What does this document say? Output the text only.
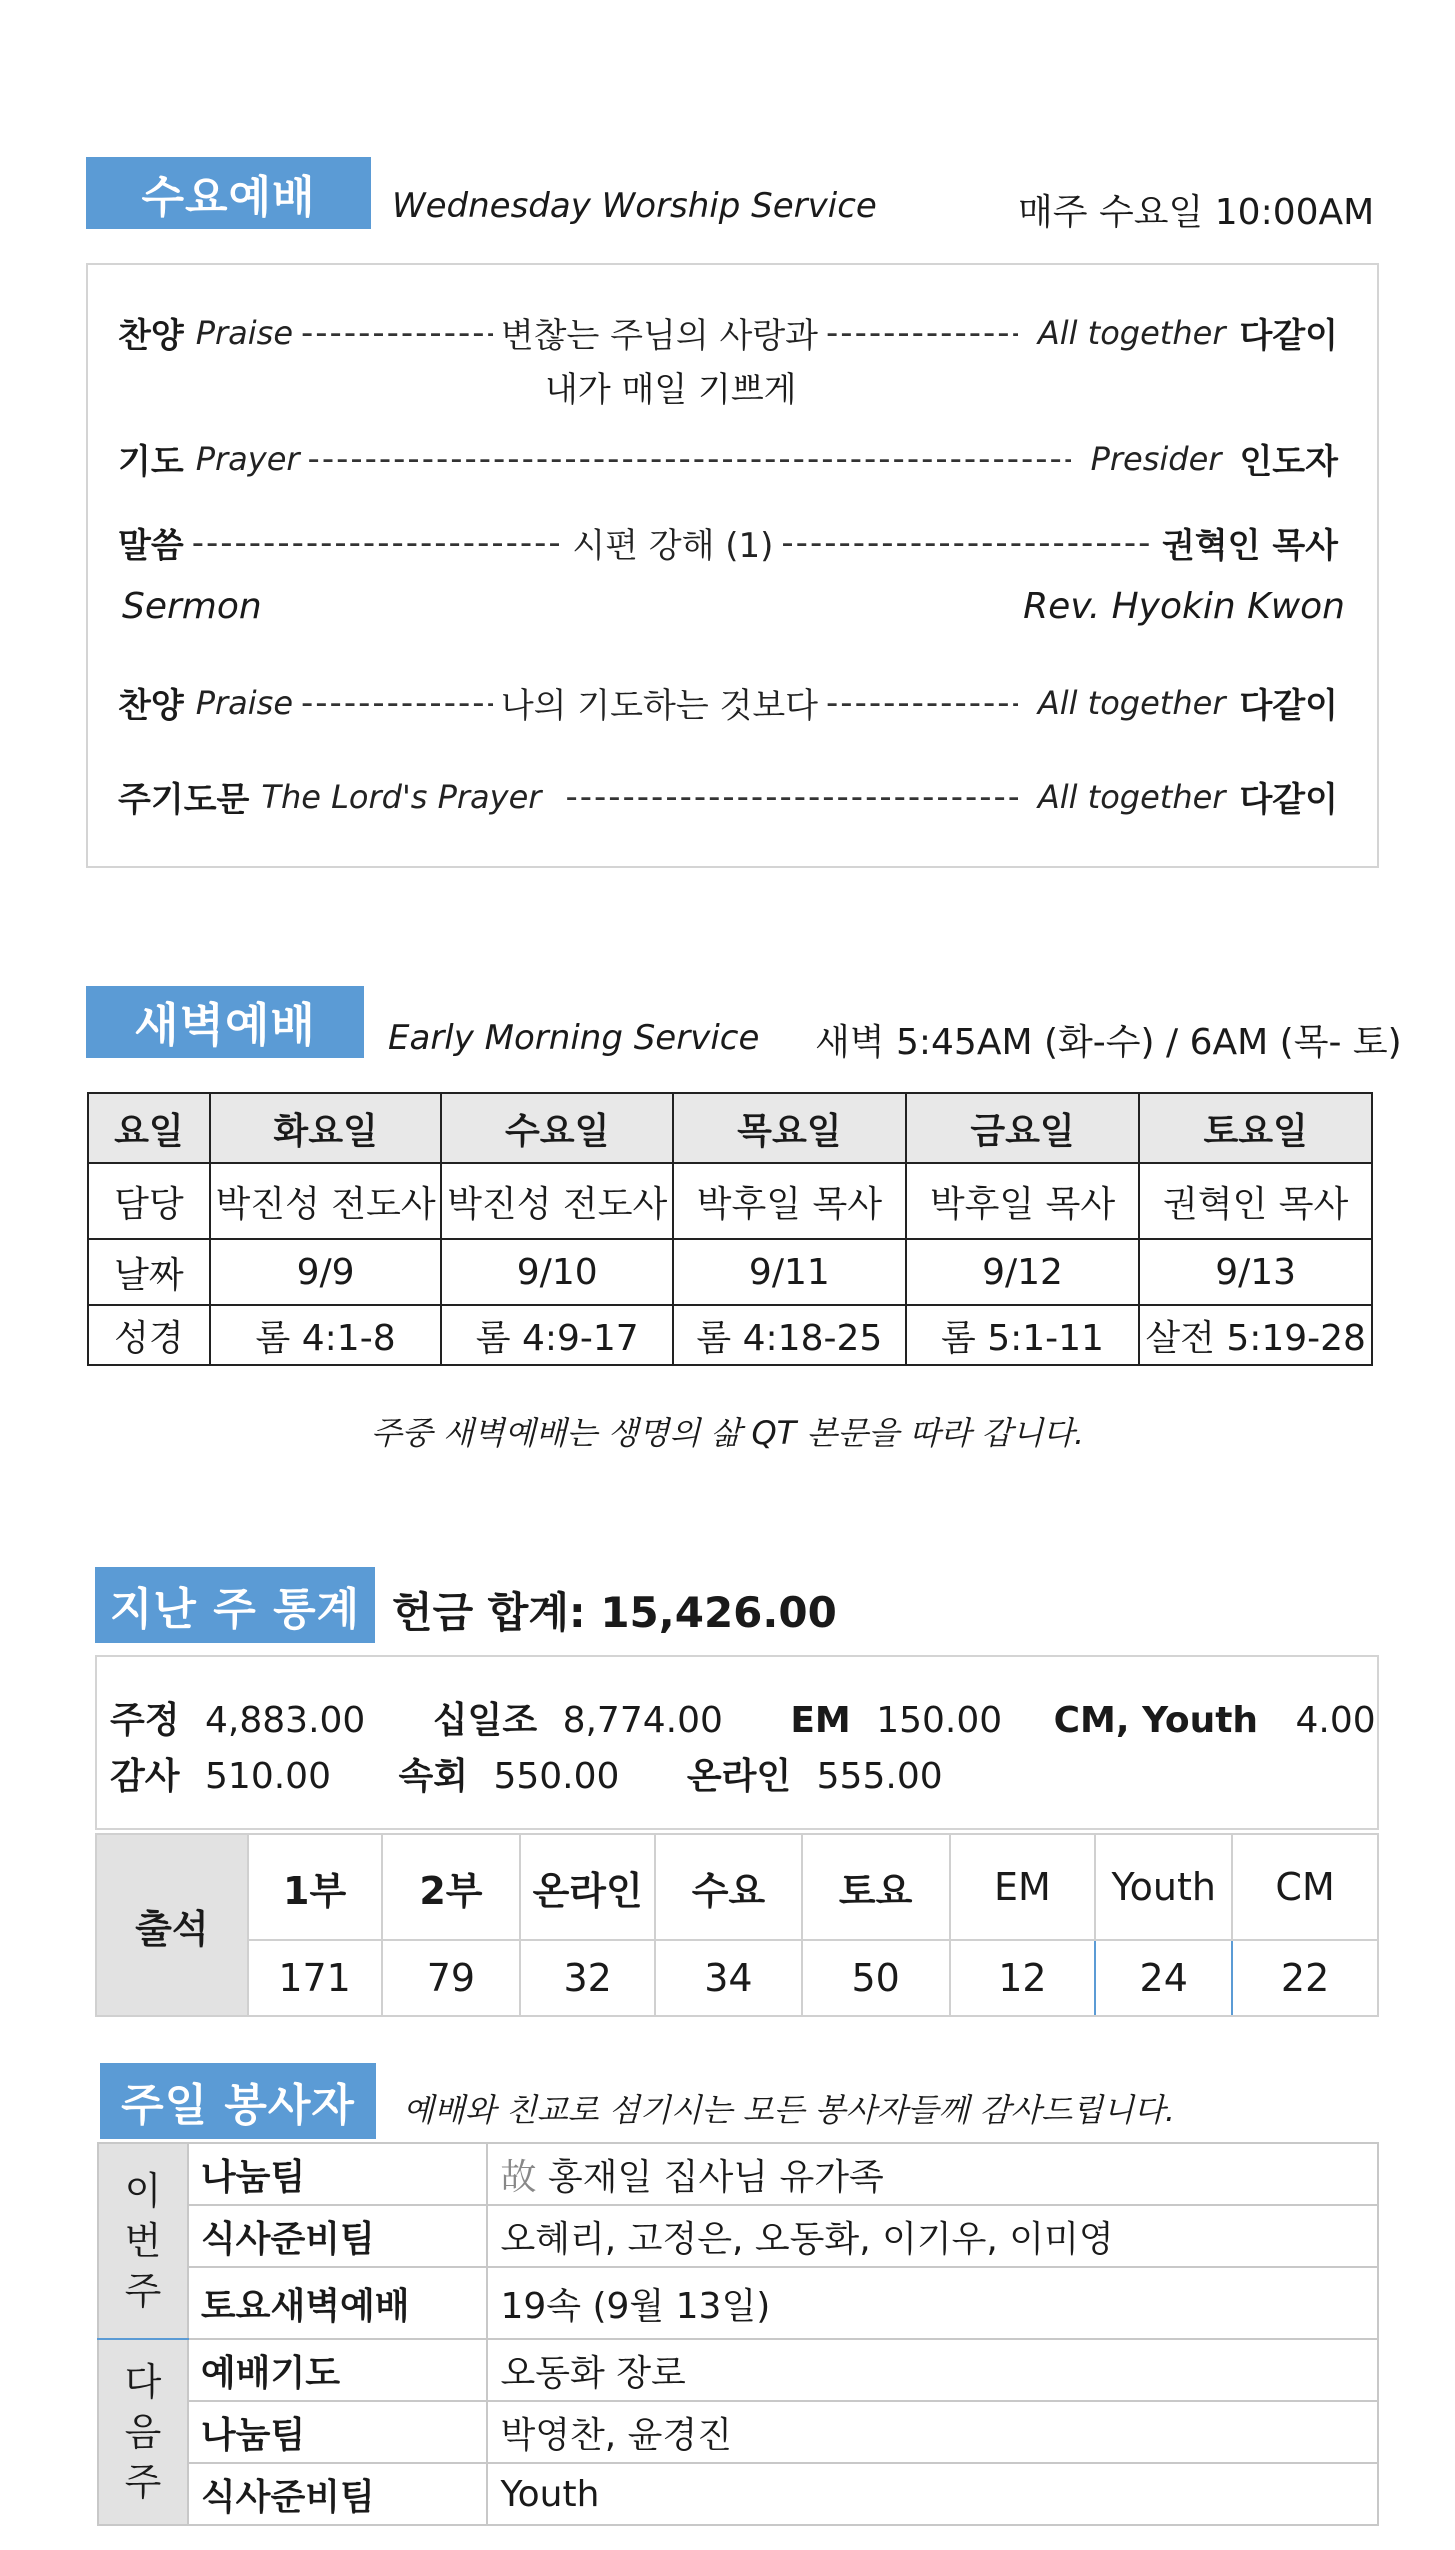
수요예배	Wednesday Worship Service	매주 수요일 10:00AM
찬양 Praise -----	변찮는 주님의 사랑과 -----	All together 다같이
내가 매일 기쁘게
기도 Prayer -----	Presider 인도자
말씀 -----	시편 강해 (1) -----	권혁인 목사
Sermon	Rev. Hyokin Kwon
찬양 Praise -----	나의 기도하는 것보다 -----	All together 다같이
주기도문 The Lord's Prayer -----	All together 다같이
새벽예배	Early Morning Service 새벽 5:45AM (화-수) / 6AM (목- 토)
요일	화요일	수요일	목요일	금요일	토요일
담당	박진성 전도사	박진성 전도사	박후일 목사	박후일 목사	권혁인 목사
날짜	9/9	9/10	9/11	9/12	9/13
성경	롬 4:1-8	롬 4:9-17	롬 4:18-25	롬 5:1-11	살전 5:19-28
주중 새벽예배는 생명의 삶 QT 본문을 따라 갑니다.
지난 주 통계 헌금 합계: 15,426.00
주정 4,883.00 십일조 8,774.00 EM 150.00 CM, Youth 4.00
감사 510.00 속회 550.00 온라인 555.00
출석	1부	2부	온라인	수요	토요	EM	Youth	CM
	171	79	32	34	50	12	24	22
주일 봉사자	예배와 친교로 섬기시는 모든 봉사자들께 감사드립니다.
이
번
주	나눔팀	故 홍재일 집사님 유가족
	식사준비팀	오혜리, 고정은, 오동화, 이기우, 이미영
	토요새벽예배	19속 (9월 13일)
다
음
주	예배기도	오동화 장로
	나눔팀	박영찬, 윤경진
	식사준비팀	Youth
